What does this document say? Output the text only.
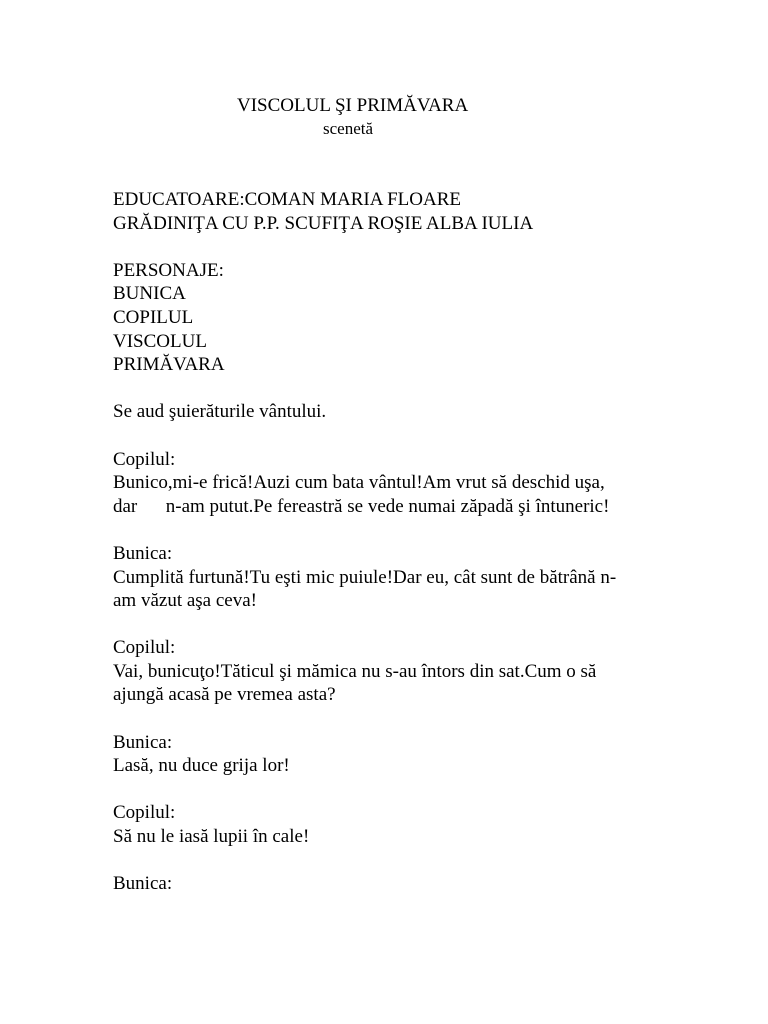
VISCOLUL ŞI PRIMĂVARA
scenetă
EDUCATOARE:COMAN MARIA FLOARE
GRĂDINIŢA CU P.P. SCUFIŢA ROŞIE ALBA IULIA
PERSONAJE:
BUNICA
COPILUL
VISCOLUL
PRIMĂVARA
Se aud şuierăturile vântului.
Copilul:
Bunico,mi-e frică!Auzi cum bata vântul!Am vrut să deschid uşa,
dar      n-am putut.Pe fereastră se vede numai zăpadă şi întuneric!
Bunica:
Cumplită furtună!Tu eşti mic puiule!Dar eu, cât sunt de bătrână n-
am văzut aşa ceva!
Copilul:
Vai, bunicuţo!Tăticul şi mămica nu s-au întors din sat.Cum o să
ajungă acasă pe vremea asta?
Bunica:
Lasă, nu duce grija lor!
Copilul:
Să nu le iasă lupii în cale!
Bunica:
